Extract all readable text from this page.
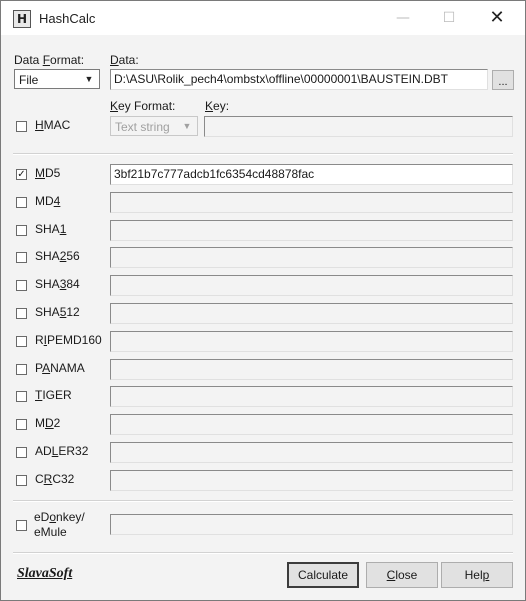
H HashCalc	—	☐	✕
Data Format:
File	▼
Data:
D:\ASU\Rolik_pech4\ombstx\offline\00000001\BAUSTEIN.DBT	...
Key Format: Key:
HMAC	Text string	▼
✓ MD5	3bf21b7c777adcb1fc6354cd48878fac
MD4
SHA1
SHA256
SHA384
SHA512
RIPEMD160
PANAMA
TIGER
MD2
ADLER32
CRC32
eDonkey/
eMule
SlavaSoft	Calculate	Close	Help
